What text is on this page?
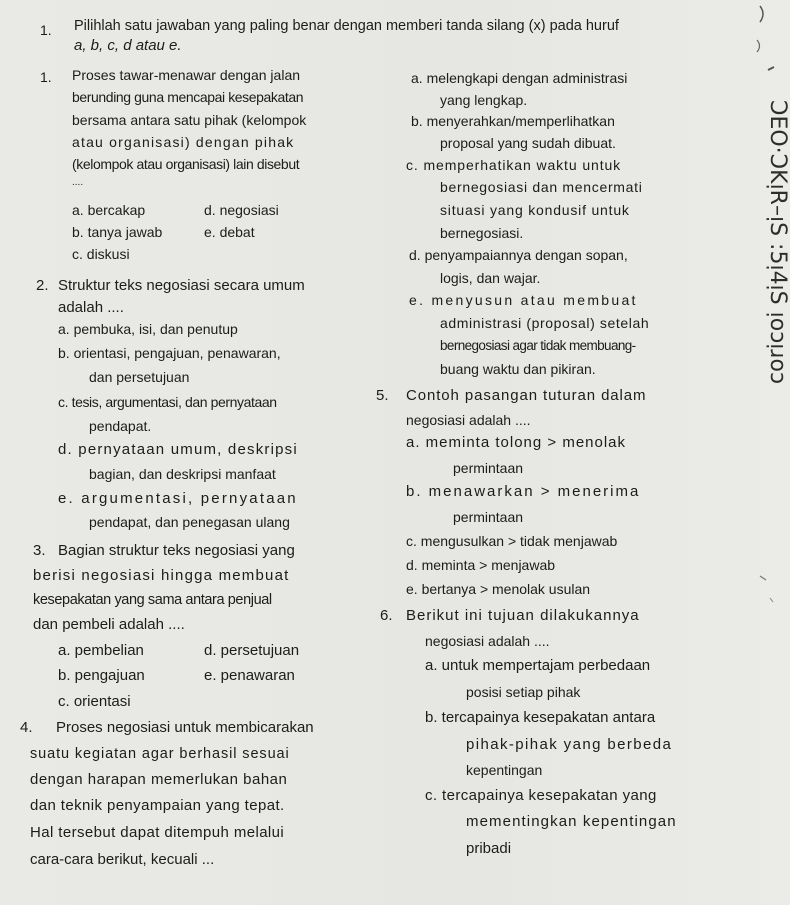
1. Pilihlah satu jawaban yang paling benar dengan memberi tanda silang (x) pada huruf
a, b, c, d atau e.
1. Proses tawar-menawar dengan jalan
berunding guna mencapai kesepakatan
bersama antara satu pihak (kelompok
atau organisasi) dengan pihak
(kelompok atau organisasi) lain disebut
....
a. bercakap	d. negosiasi
b. tanya jawab	e. debat
c. diskusi
2. Struktur teks negosiasi secara umum
adalah ....
a. pembuka, isi, dan penutup
b. orientasi, pengajuan, penawaran,
dan persetujuan
c. tesis, argumentasi, dan pernyataan
pendapat.
d. pernyataan umum, deskripsi
bagian, dan deskripsi manfaat
e. argumentasi, pernyataan
pendapat, dan penegasan ulang
3. Bagian struktur teks negosiasi yang
berisi negosiasi hingga membuat
kesepakatan yang sama antara penjual
dan pembeli adalah ....
a. pembelian	d. persetujuan
b. pengajuan	e. penawaran
c. orientasi
4. Proses negosiasi untuk membicarakan
suatu kegiatan agar berhasil sesuai
dengan harapan memerlukan bahan
dan teknik penyampaian yang tepat.
Hal tersebut dapat ditempuh melalui
cara-cara berikut, kecuali ...
a. melengkapi dengan administrasi
yang lengkap.
b. menyerahkan/memperlihatkan
proposal yang sudah dibuat.
c. memperhatikan waktu untuk
bernegosiasi dan mencermati
situasi yang kondusif untuk
bernegosiasi.
d. penyampaiannya dengan sopan,
logis, dan wajar.
e. menyusun atau membuat
administrasi (proposal) setelah
bernegosiasi agar tidak membuang-
buang waktu dan pikiran.
5. Contoh pasangan tuturan dalam
negosiasi adalah ....
a. meminta tolong > menolak
permintaan
b. menawarkan > menerima
permintaan
c. mengusulkan > tidak menjawab
d. meminta > menjawab
e. bertanya > menolak usulan
6. Berikut ini tujuan dilakukannya
negosiasi adalah ....
a. untuk mempertajam perbedaan
posisi setiap pihak
b. tercapainya kesepakatan antara
pihak-pihak yang berbeda
kepentingan
c. tercapainya kesepakatan yang
mementingkan kepentingan
pribadi
ƆEO·ƆKᴉR–ᴉS :5ᴉ4ᴉS ᴉoɔᴉɹoɔ
